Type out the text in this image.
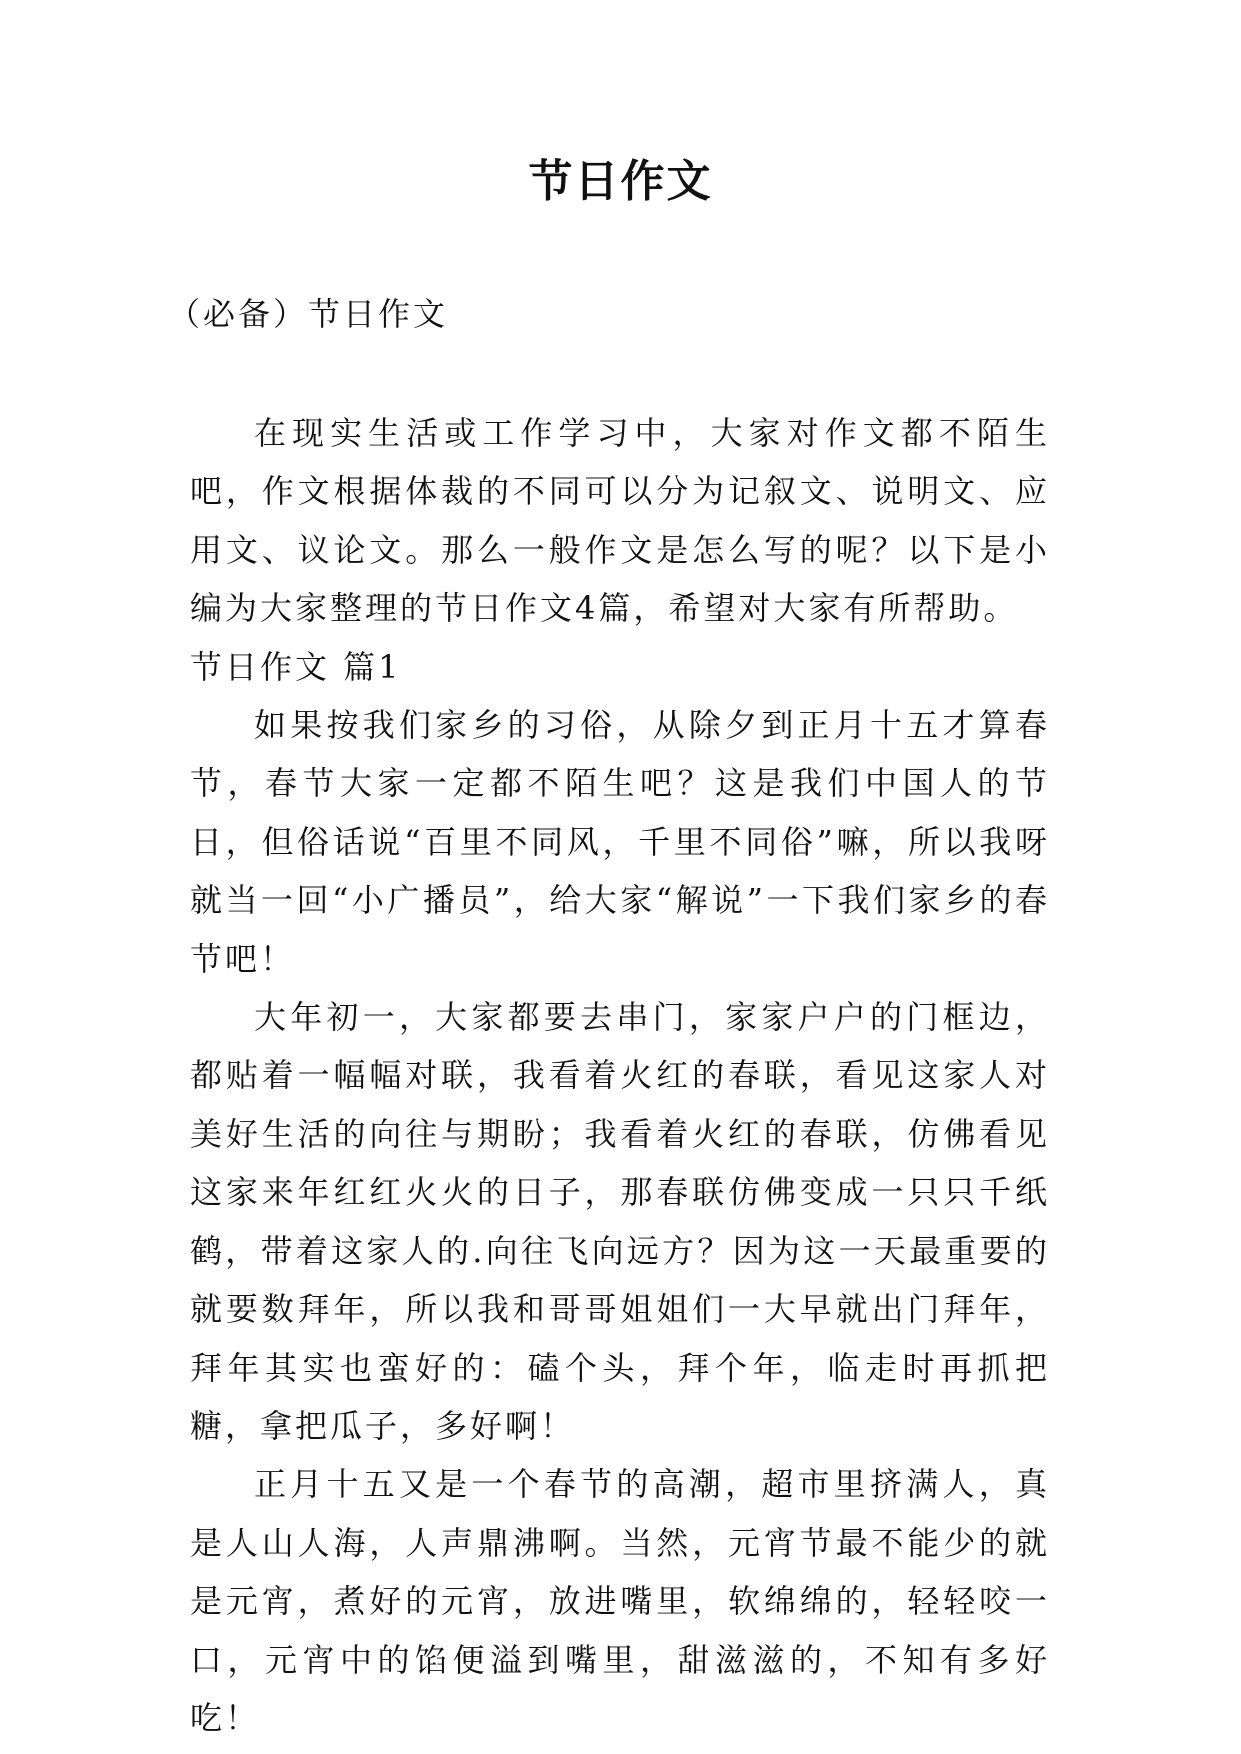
节日作文
（必备）节日作文

在现实生活或工作学习中，大家对作文都不陌生吧，作文根据体裁的不同可以分为记叙文、说明文、应用文、议论文。那么一般作文是怎么写的呢？以下是小编为大家整理的节日作文4篇，希望对大家有所帮助。

节日作文 篇1

如果按我们家乡的习俗，从除夕到正月十五才算春节，春节大家一定都不陌生吧？这是我们中国人的节日，但俗话说“百里不同风，千里不同俗”嘛，所以我呀就当一回“小广播员”，给大家“解说”一下我们家乡的春节吧！

大年初一，大家都要去串门，家家户户的门框边，都贴着一幅幅对联，我看着火红的春联，看见这家人对美好生活的向往与期盼；我看着火红的春联，仿佛看见这家来年红红火火的日子，那春联仿佛变成一只只千纸鹤，带着这家人的.向往飞向远方？因为这一天最重要的就要数拜年，所以我和哥哥姐姐们一大早就出门拜年，拜年其实也蛮好的：磕个头，拜个年，临走时再抓把糖，拿把瓜子，多好啊！

正月十五又是一个春节的高潮，超市里挤满人，真是人山人海，人声鼎沸啊。当然，元宵节最不能少的就是元宵，煮好的元宵，放进嘴里，软绵绵的，轻轻咬一口，元宵中的馅便溢到嘴里，甜滋滋的，不知有多好吃！
